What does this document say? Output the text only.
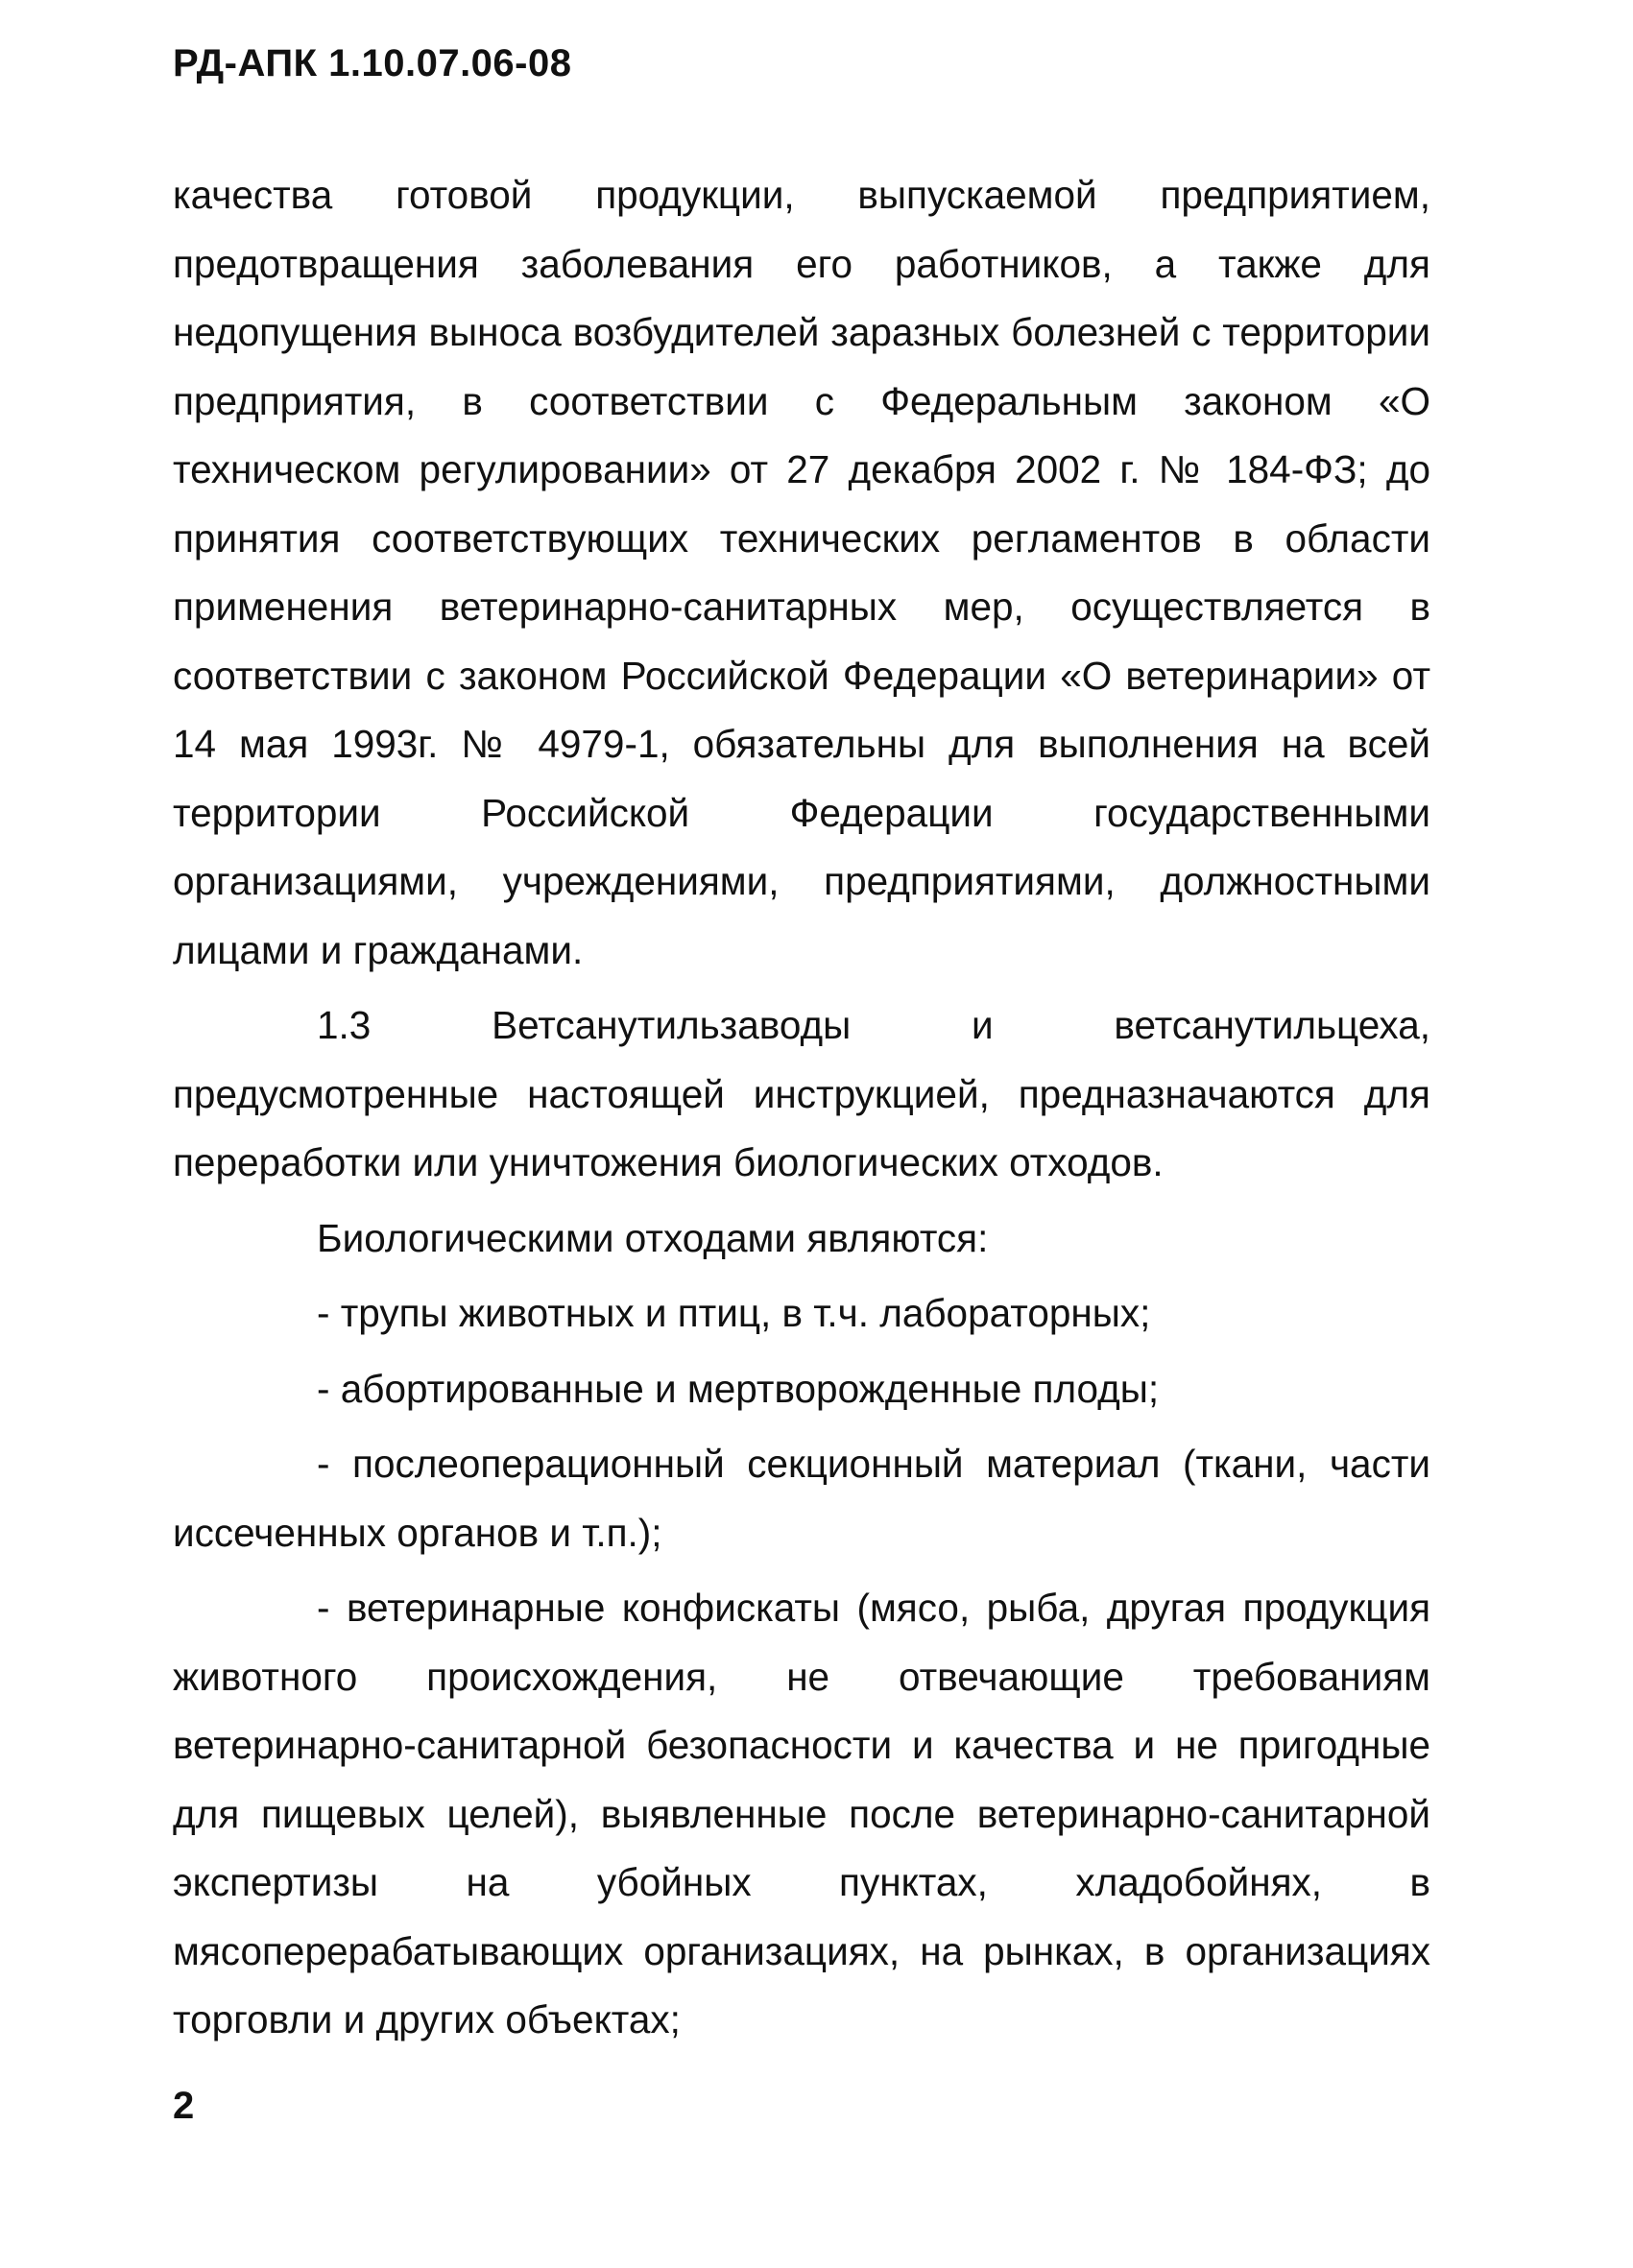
РД-АПК 1.10.07.06-08

качества готовой продукции, выпускаемой предприятием, предотвращения заболевания его работников, а также для недопущения выноса возбудителей заразных болезней с территории предприятия, в соответствии с Федеральным законом «О техническом регулировании» от 27 декабря 2002 г. № 184-ФЗ; до принятия соответствующих технических регламентов в области применения ветеринарно-санитарных мер, осуществляется в соответствии с законом Российской Федерации «О ветеринарии» от 14 мая 1993г. № 4979-1, обязательны для выполнения на всей территории Российской Федерации государственными организациями, учреждениями, предприятиями, должностными лицами и гражданами.

1.3 Ветсанутильзаводы и ветсанутильцеха, предусмотренные настоящей инструкцией, предназначаются для переработки или уничтожения биологических отходов.

Биологическими отходами являются:

- трупы животных и птиц, в т.ч. лабораторных;

- абортированные и мертворожденные плоды;

- послеоперационный секционный материал (ткани, части иссеченных органов и т.п.);

- ветеринарные конфискаты (мясо, рыба, другая продукция животного происхождения, не отвечающие требованиям ветеринарно-санитарной безопасности и качества и не пригодные для пищевых целей), выявленные после ветеринарно-санитарной экспертизы на убойных пунктах, хладобойнях, в мясоперерабатывающих организациях, на рынках, в организациях торговли и других объектах;

2
